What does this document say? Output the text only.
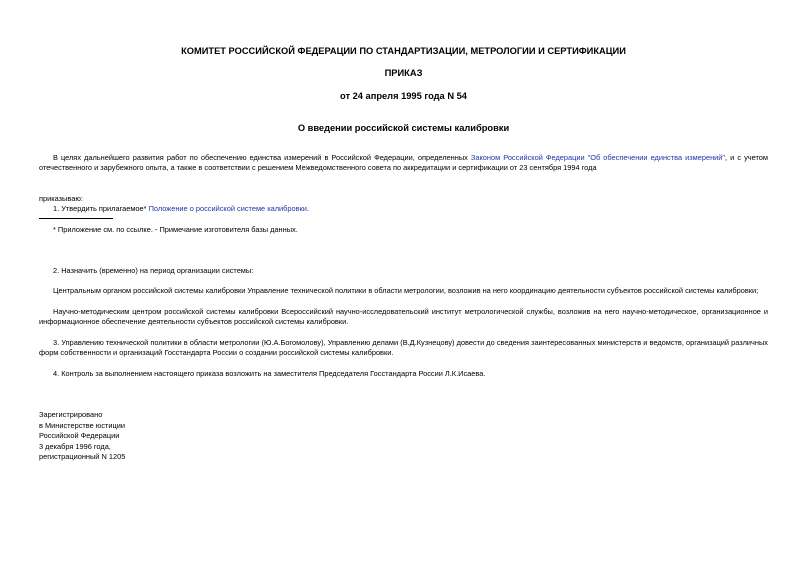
КОМИТЕТ РОССИЙСКОЙ ФЕДЕРАЦИИ ПО СТАНДАРТИЗАЦИИ, МЕТРОЛОГИИ И СЕРТИФИКАЦИИ
ПРИКАЗ
от 24 апреля 1995 года N 54
О введении российской системы калибровки
В целях дальнейшего развития работ по обеспечению единства измерений в Российской Федерации, определенных Законом Российской Федерации "Об обеспечении единства измерений", и с учетом отечественного и зарубежного опыта, а также в соответствии с решением Межведомственного совета по аккредитации и сертификации от 23 сентября 1994 года
приказываю:
1. Утвердить прилагаемое* Положение о российской системе калибровки.
* Приложение см. по ссылке. - Примечание изготовителя базы данных.
2. Назначить (временно) на период организации системы:
Центральным органом российской системы калибровки Управление технической политики в области метрологии, возложив на него координацию деятельности субъектов российской системы калибровки;
Научно-методическим центром российской системы калибровки Всероссийский научно-исследовательский институт метрологической службы, возложив на него научно-методическое, организационное и информационное обеспечение деятельности субъектов российской системы калибровки.
3. Управлению технической политики в области метрологии (Ю.А.Богомолову), Управлению делами (В.Д.Кузнецову) довести до сведения заинтересованных министерств и ведомств, организаций различных форм собственности и организаций Госстандарта России о создании российской системы калибровки.
4. Контроль за выполнением настоящего приказа возложить на заместителя Председателя Госстандарта России Л.К.Исаева.
Зарегистрировано
в Министерстве юстиции
Российской Федерации
3 декабря 1996 года,
регистрационный N 1205
